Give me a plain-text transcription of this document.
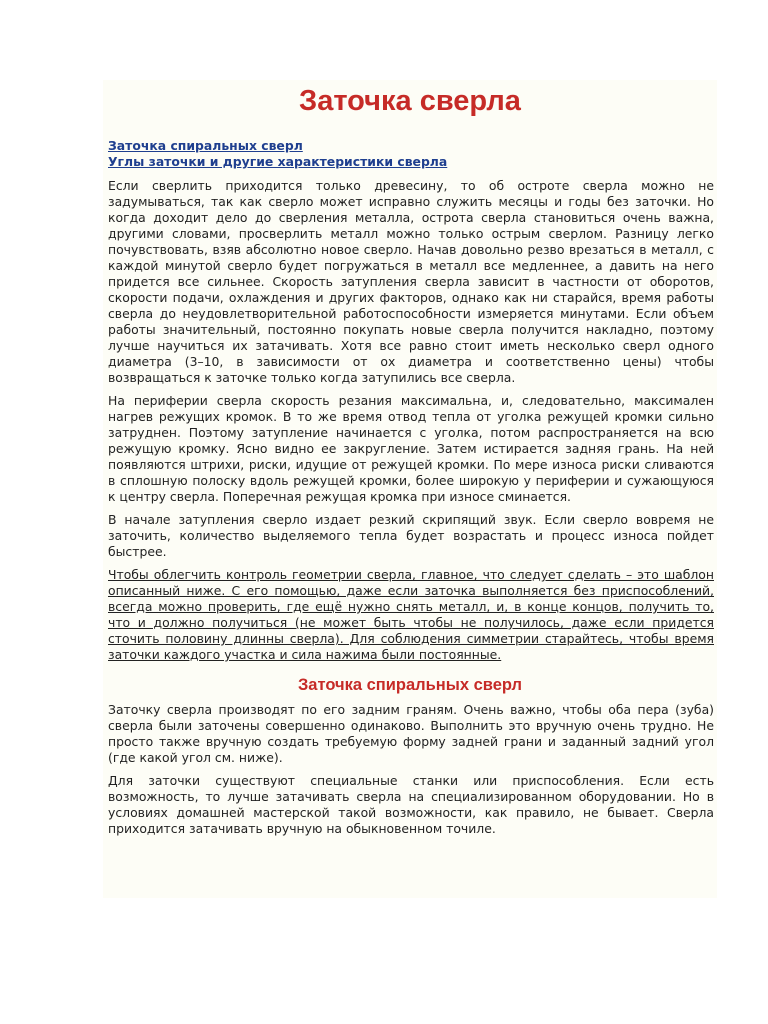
Заточка сверла
Заточка спиральных сверл
Углы заточки и другие характеристики сверла

Если сверлить приходится только древесину, то об остроте сверла можно не задумываться, так как сверло может исправно служить месяцы и годы без заточки. Но когда доходит дело до сверления металла, острота сверла становиться очень важна, другими словами, просверлить металл можно только острым сверлом. Разницу легко почувствовать, взяв абсолютно новое сверло. Начав довольно резво врезаться в металл, с каждой минутой сверло будет погружаться в металл все медленнее, а давить на него придется все сильнее. Скорость затупления сверла зависит в частности от оборотов, скорости подачи, охлаждения и других факторов, однако как ни старайся, время работы сверла до неудовлетворительной работоспособности измеряется минутами. Если объем работы значительный, постоянно покупать новые сверла получится накладно, поэтому лучше научиться их затачивать. Хотя все равно стоит иметь несколько сверл одного диаметра (3–10, в зависимости от ох диаметра и соответственно цены) чтобы возвращаться к заточке только когда затупились все сверла.

На периферии сверла скорость резания максимальна, и, следовательно, максимален нагрев режущих кромок. В то же время отвод тепла от уголка режущей кромки сильно затруднен. Поэтому затупление начинается с уголка, потом распространяется на всю режущую кромку. Ясно видно ее закругление. Затем истирается задняя грань. На ней появляются штрихи, риски, идущие от режущей кромки. По мере износа риски сливаются в сплошную полоску вдоль режущей кромки, более широкую у периферии и сужающуюся к центру сверла. Поперечная режущая кромка при износе сминается.

В начале затупления сверло издает резкий скрипящий звук. Если сверло вовремя не заточить, количество выделяемого тепла будет возрастать и процесс износа пойдет быстрее.

Чтобы облегчить контроль геометрии сверла, главное, что следует сделать – это шаблон описанный ниже. С его помощью, даже если заточка выполняется без приспособлений, всегда можно проверить, где ещё нужно снять металл, и, в конце концов, получить то, что и должно получиться (не может быть чтобы не получилось, даже если придется сточить половину длинны сверла). Для соблюдения симметрии старайтесь, чтобы время заточки каждого участка и сила нажима были постоянные.

Заточка спиральных сверл

Заточку сверла производят по его задним граням. Очень важно, чтобы оба пера (зуба) сверла были заточены совершенно одинаково. Выполнить это вручную очень трудно. Не просто также вручную создать требуемую форму задней грани и заданный задний угол (где какой угол см. ниже).

Для заточки существуют специальные станки или приспособления. Если есть возможность, то лучше затачивать сверла на специализированном оборудовании. Но в условиях домашней мастерской такой возможности, как правило, не бывает. Сверла приходится затачивать вручную на обыкновенном точиле.
